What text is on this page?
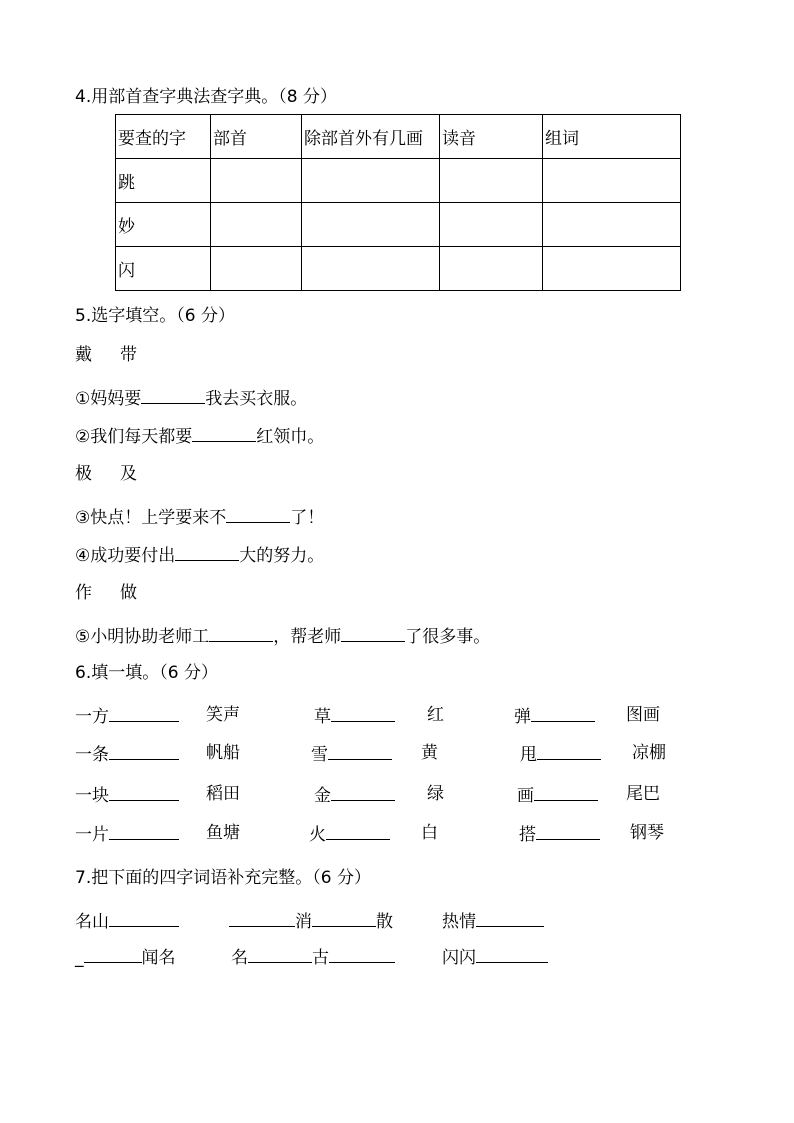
4.用部首查字典法查字典。（8 分）
要查的字	部首	除部首外有几画	读音	组词
跳				
妙				
闪				
5.选字填空。（6 分）
戴 带
①妈妈要	我去买衣服。
②我们每天都要	红领巾。
极 及
③快点！上学要来不	了！
④成功要付出	大的努力。
作 做
⑤小明协助老师工	，帮老师	了很多事。
6.填一填。（6 分）
一方	笑声	草	红	弹	图画
一条	帆船	雪	黄	甩	凉棚
一块	稻田	金	绿	画	尾巴
一片	鱼塘	火	白	搭	钢琴
7.把下面的四字词语补充完整。（6 分）
名山	消	散	热情
_	闻名	名	古	闪闪
